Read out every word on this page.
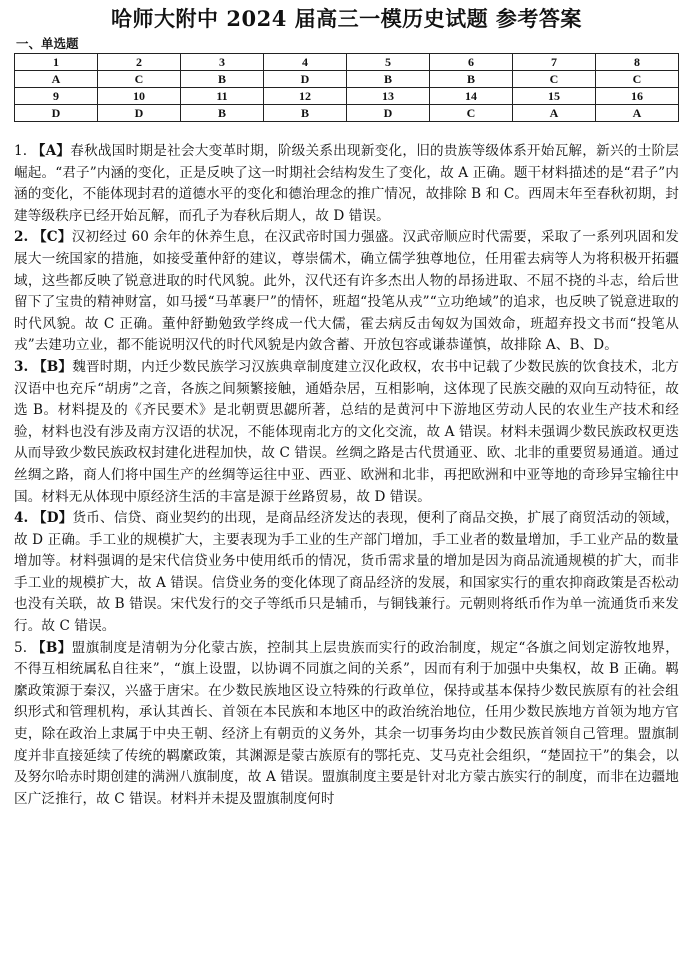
哈师大附中 2024 届高三一模历史试题 参考答案
一、单选题
1	2	3	4	5	6	7	8
A	C	B	D	B	B	C	C
9	10	11	12	13	14	15	16
D	D	B	B	D	C	A	A

1. 【A】春秋战国时期是社会大变革时期，阶级关系出现新变化，旧的贵族等级体系开始瓦解，新兴的士阶层崛起。“君子”内涵的变化，正是反映了这一时期社会结构发生了变化，故 A 正确。题干材料描述的是“君子”内涵的变化，不能体现封君的道德水平的变化和德治理念的推广情况，故排除 B 和 C。西周末年至春秋初期，封建等级秩序已经开始瓦解，而孔子为春秋后期人，故 D 错误。

2. 【C】汉初经过 60 余年的休养生息，在汉武帝时国力强盛。汉武帝顺应时代需要，采取了一系列巩固和发展大一统国家的措施，如接受董仲舒的建议，尊崇儒术，确立儒学独尊地位，任用霍去病等人为将积极开拓疆域，这些都反映了锐意进取的时代风貌。此外，汉代还有许多杰出人物的昂扬进取、不屈不挠的斗志，给后世留下了宝贵的精神财富，如马援“马革裹尸”的情怀，班超“投笔从戎”“立功绝域”的追求，也反映了锐意进取的时代风貌。故 C 正确。董仲舒勤勉致学终成一代大儒，霍去病反击匈奴为国效命，班超弃投文书而“投笔从戎”去建功立业，都不能说明汉代的时代风貌是内敛含蓄、开放包容或谦恭谨慎，故排除 A、B、D。

3. 【B】魏晋时期，内迁少数民族学习汉族典章制度建立汉化政权，农书中记载了少数民族的饮食技术，北方汉语中也充斥“胡虏”之音，各族之间频繁接触，通婚杂居，互相影响，这体现了民族交融的双向互动特征，故选 B。材料提及的《齐民要术》是北朝贾思勰所著，总结的是黄河中下游地区劳动人民的农业生产技术和经验，材料也没有涉及南方汉语的状况，不能体现南北方的文化交流，故 A 错误。材料未强调少数民族政权更迭从而导致少数民族政权封建化进程加快，故 C 错误。丝绸之路是古代贯通亚、欧、北非的重要贸易通道。通过丝绸之路，商人们将中国生产的丝绸等运往中亚、西亚、欧洲和北非，再把欧洲和中亚等地的奇珍异宝输往中国。材料无从体现中原经济生活的丰富是源于丝路贸易，故 D 错误。

4. 【D】货币、信贷、商业契约的出现，是商品经济发达的表现，便利了商品交换，扩展了商贸活动的领域，故 D 正确。手工业的规模扩大，主要表现为手工业的生产部门增加，手工业者的数量增加，手工业产品的数量增加等。材料强调的是宋代信贷业务中使用纸币的情况，货币需求量的增加是因为商品流通规模的扩大，而非手工业的规模扩大，故 A 错误。信贷业务的变化体现了商品经济的发展，和国家实行的重农抑商政策是否松动也没有关联，故 B 错误。宋代发行的交子等纸币只是辅币，与铜钱兼行。元朝则将纸币作为单一流通货币来发行。故 C 错误。

5. 【B】盟旗制度是清朝为分化蒙古族，控制其上层贵族而实行的政治制度，规定“各旗之间划定游牧地界，不得互相统属私自往来”，“旗上设盟，以协调不同旗之间的关系”，因而有利于加强中央集权，故 B 正确。羁縻政策源于秦汉，兴盛于唐宋。在少数民族地区设立特殊的行政单位，保持或基本保持少数民族原有的社会组织形式和管理机构，承认其酋长、首领在本民族和本地区中的政治统治地位，任用少数民族地方首领为地方官吏，除在政治上隶属于中央王朝、经济上有朝贡的义务外，其余一切事务均由少数民族首领自己管理。盟旗制度并非直接延续了传统的羁縻政策，其渊源是蒙古族原有的鄂托克、艾马克社会组织，“楚固拉干”的集会，以及努尔哈赤时期创建的满洲八旗制度，故 A 错误。盟旗制度主要是针对北方蒙古族实行的制度，而非在边疆地区广泛推行，故 C 错误。材料并未提及盟旗制度何时
